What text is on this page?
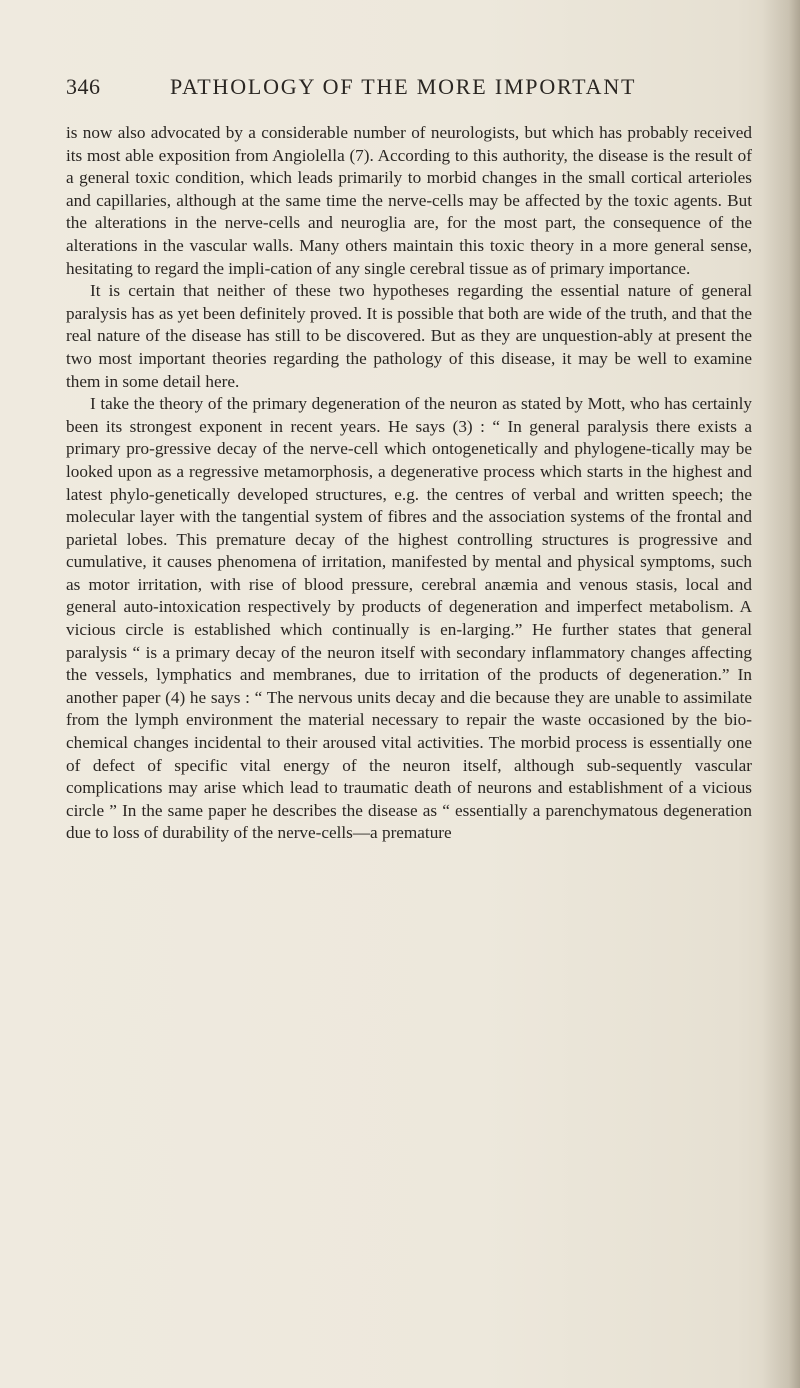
346	PATHOLOGY OF THE MORE IMPORTANT

is now also advocated by a considerable number of neurologists, but which has probably received its most able exposition from Angiolella (7). According to this authority, the disease is the result of a general toxic condition, which leads primarily to morbid changes in the small cortical arterioles and capillaries, although at the same time the nerve-cells may be affected by the toxic agents. But the alterations in the nerve-cells and neuroglia are, for the most part, the consequence of the alterations in the vascular walls. Many others maintain this toxic theory in a more general sense, hesitating to regard the impli-cation of any single cerebral tissue as of primary importance.

It is certain that neither of these two hypotheses regarding the essential nature of general paralysis has as yet been definitely proved. It is possible that both are wide of the truth, and that the real nature of the disease has still to be discovered. But as they are unquestion-ably at present the two most important theories regarding the pathology of this disease, it may be well to examine them in some detail here.

I take the theory of the primary degeneration of the neuron as stated by Mott, who has certainly been its strongest exponent in recent years. He says (3) : “ In general paralysis there exists a primary pro-gressive decay of the nerve-cell which ontogenetically and phylogene-tically may be looked upon as a regressive metamorphosis, a degenerative process which starts in the highest and latest phylo-genetically developed structures, e.g. the centres of verbal and written speech; the molecular layer with the tangential system of fibres and the association systems of the frontal and parietal lobes. This premature decay of the highest controlling structures is progressive and cumulative, it causes phenomena of irritation, manifested by mental and physical symptoms, such as motor irritation, with rise of blood pressure, cerebral anæmia and venous stasis, local and general auto-intoxication respectively by products of degeneration and imperfect metabolism. A vicious circle is established which continually is en-larging.” He further states that general paralysis “ is a primary decay of the neuron itself with secondary inflammatory changes affecting the vessels, lymphatics and membranes, due to irritation of the products of degeneration.” In another paper (4) he says : “ The nervous units decay and die because they are unable to assimilate from the lymph environment the material necessary to repair the waste occasioned by the bio-chemical changes incidental to their aroused vital activities. The morbid process is essentially one of defect of specific vital energy of the neuron itself, although sub-sequently vascular complications may arise which lead to traumatic death of neurons and establishment of a vicious circle ” In the same paper he describes the disease as “ essentially a parenchymatous degeneration due to loss of durability of the nerve-cells—a premature
